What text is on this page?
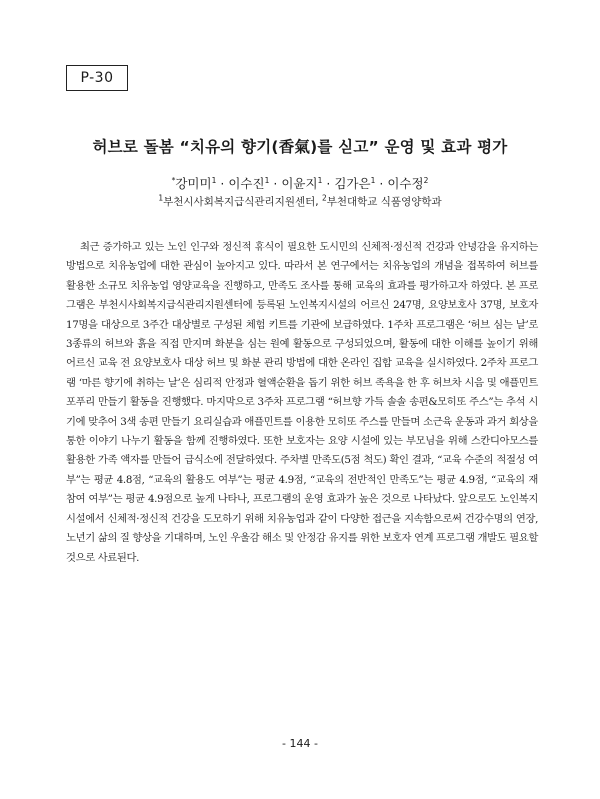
P-30
허브로 돌봄 “치유의 향기(香氣)를 싣고” 운영 및 효과 평가
*강미미$^1$ · 이수진$^1$ · 이윤지$^1$ · 김가은$^1$ · 이수정$^2$
$^1$부천시사회복지급식관리지원센터, $^2$부천대학교 식품영양학과

최근 증가하고 있는 노인 인구와 정신적 휴식이 필요한 도시민의 신체적·정신적 건강과 안녕감을 유지하는 방법으로 치유농업에 대한 관심이 높아지고 있다. 따라서 본 연구에서는 치유농업의 개념을 접목하여 허브를 활용한 소규모 치유농업 영양교육을 진행하고, 만족도 조사를 통해 교육의 효과를 평가하고자 하였다. 본 프로그램은 부천시사회복지급식관리지원센터에 등록된 노인복지시설의 어르신 247명, 요양보호사 37명, 보호자 17명을 대상으로 3주간 대상별로 구성된 체험 키트를 기관에 보급하였다. 1주차 프로그램은 ‘허브 심는 날’로 3종류의 허브와 흙을 직접 만지며 화분을 심는 원예 활동으로 구성되었으며, 활동에 대한 이해를 높이기 위해 어르신 교육 전 요양보호사 대상 허브 및 화분 관리 방법에 대한 온라인 집합 교육을 실시하였다. 2주차 프로그램 ‘마른 향기에 취하는 날’은 심리적 안정과 혈액순환을 돕기 위한 허브 족욕을 한 후 허브차 시음 및 애플민트 포푸리 만들기 활동을 진행했다. 마지막으로 3주차 프로그램 “허브향 가득 솔솔 송편&모히또 주스”는 추석 시기에 맞추어 3색 송편 만들기 요리실습과 애플민트를 이용한 모히또 주스를 만들며 소근육 운동과 과거 회상을 통한 이야기 나누기 활동을 함께 진행하였다. 또한 보호자는 요양 시설에 있는 부모님을 위해 스칸디아모스를 활용한 가족 액자를 만들어 급식소에 전달하였다. 주차별 만족도(5점 척도) 확인 결과, “교육 수준의 적절성 여부”는 평균 4.8점, “교육의 활용도 여부”는 평균 4.9점, “교육의 전반적인 만족도”는 평균 4.9점, “교육의 재 참여 여부”는 평균 4.9점으로 높게 나타나, 프로그램의 운영 효과가 높은 것으로 나타났다. 앞으로도 노인복지시설에서 신체적·정신적 건강을 도모하기 위해 치유농업과 같이 다양한 접근을 지속함으로써 건강수명의 연장, 노년기 삶의 질 향상을 기대하며, 노인 우울감 해소 및 안정감 유지를 위한 보호자 연계 프로그램 개발도 필요할 것으로 사료된다.

- 144 -
